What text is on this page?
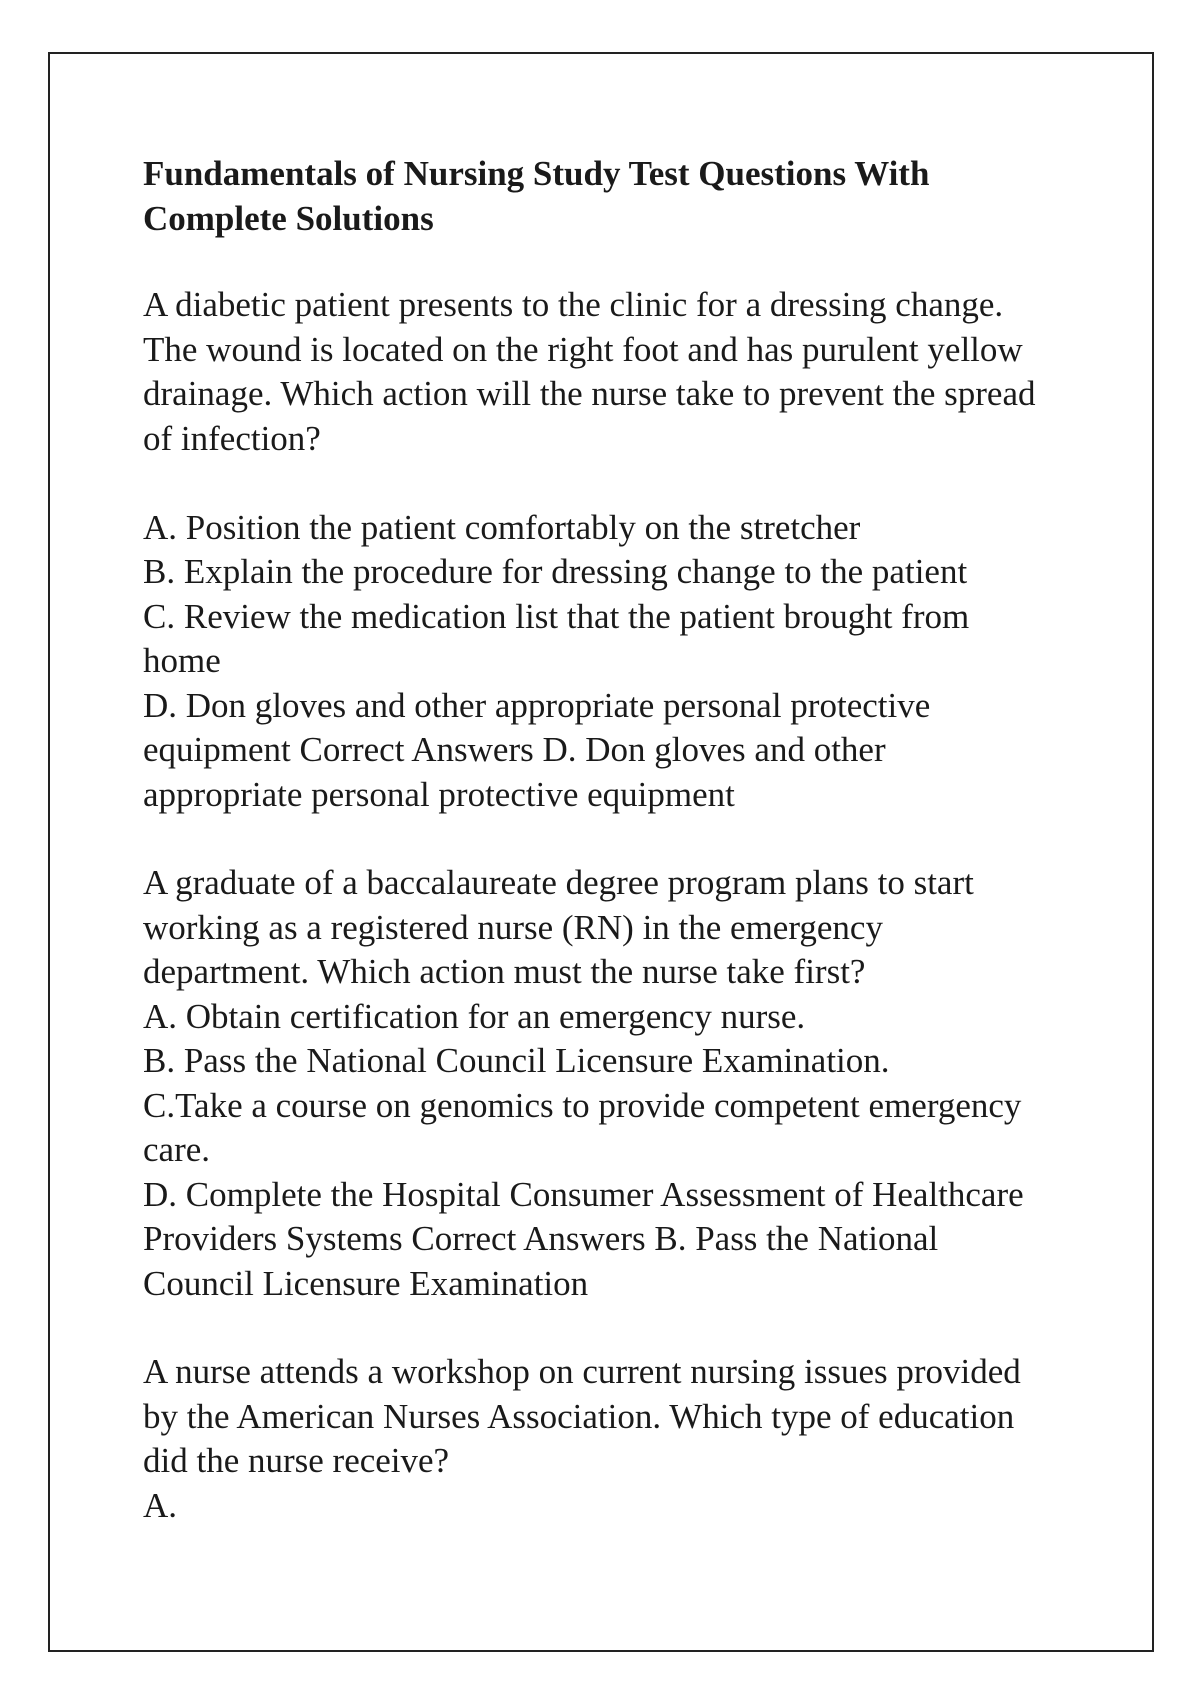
Fundamentals of Nursing Study Test Questions With
Complete Solutions
A diabetic patient presents to the clinic for a dressing change.
The wound is located on the right foot and has purulent yellow
drainage. Which action will the nurse take to prevent the spread
of infection?
A. Position the patient comfortably on the stretcher
B. Explain the procedure for dressing change to the patient
C. Review the medication list that the patient brought from
home
D. Don gloves and other appropriate personal protective
equipment Correct Answers D. Don gloves and other
appropriate personal protective equipment
A graduate of a baccalaureate degree program plans to start
working as a registered nurse (RN) in the emergency
department. Which action must the nurse take first?
A. Obtain certification for an emergency nurse.
B. Pass the National Council Licensure Examination.
C.Take a course on genomics to provide competent emergency
care.
D. Complete the Hospital Consumer Assessment of Healthcare
Providers Systems Correct Answers B. Pass the National
Council Licensure Examination
A nurse attends a workshop on current nursing issues provided
by the American Nurses Association. Which type of education
did the nurse receive?
A.
